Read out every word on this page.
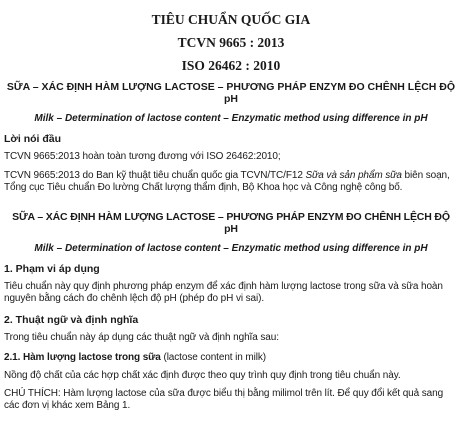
TIÊU CHUẨN QUỐC GIA
TCVN 9665 : 2013
ISO 26462 : 2010
SỮA – XÁC ĐỊNH HÀM LƯỢNG LACTOSE – PHƯƠNG PHÁP ENZYM ĐO CHÊNH LỆCH ĐỘ pH
Milk – Determination of lactose content – Enzymatic method using difference in pH
Lời nói đầu
TCVN 9665:2013 hoàn toàn tương đương với ISO 26462:2010;
TCVN 9665:2013 do Ban kỹ thuật tiêu chuẩn quốc gia TCVN/TC/F12 Sữa và sản phẩm sữa biên soạn, Tổng cục Tiêu chuẩn Đo lường Chất lượng thẩm định, Bộ Khoa học và Công nghệ công bố.
SỮA – XÁC ĐỊNH HÀM LƯỢNG LACTOSE – PHƯƠNG PHÁP ENZYM ĐO CHÊNH LỆCH ĐỘ pH
Milk – Determination of lactose content – Enzymatic method using difference in pH
1. Phạm vi áp dụng
Tiêu chuẩn này quy định phương pháp enzym để xác định hàm lượng lactose trong sữa và sữa hoàn nguyên bằng cách đo chênh lệch độ pH (phép đo pH vi sai).
2. Thuật ngữ và định nghĩa
Trong tiêu chuẩn này áp dụng các thuật ngữ và định nghĩa sau:
2.1. Hàm lượng lactose trong sữa (lactose content in milk)
Nồng độ chất của các hợp chất xác định được theo quy trình quy định trong tiêu chuẩn này.
CHÚ THÍCH: Hàm lượng lactose của sữa được biểu thị bằng milimol trên lít. Để quy đổi kết quả sang các đơn vị khác xem Bảng 1.
